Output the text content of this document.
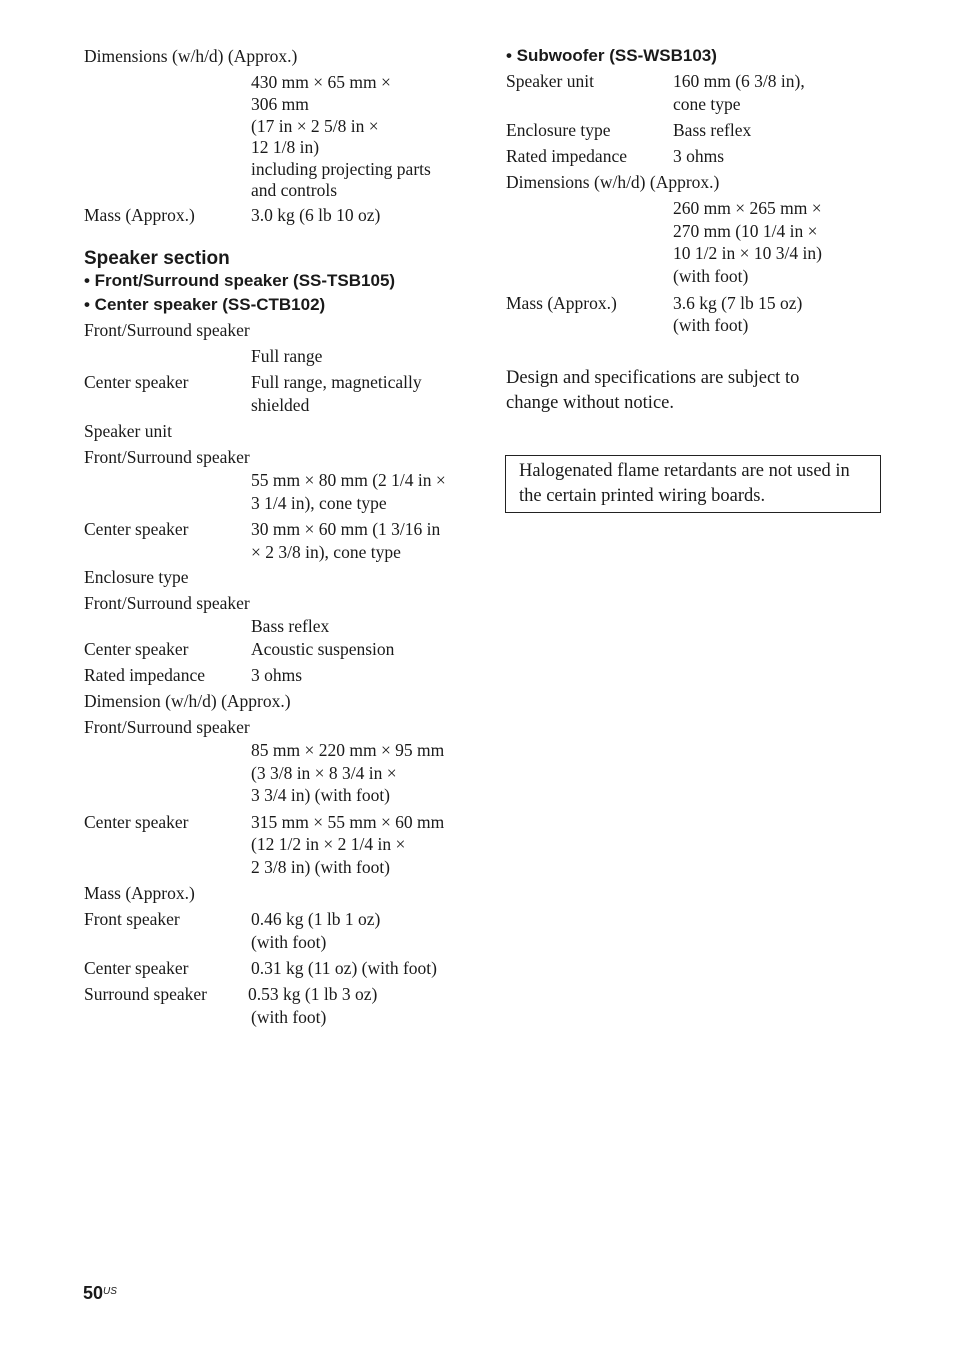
Dimensions (w/h/d) (Approx.)
430 mm × 65 mm ×
306 mm
(17 in × 2 5/8 in ×
12 1/8 in)
including projecting parts
and controls
Mass (Approx.)	3.0 kg (6 lb 10 oz)
Speaker section
• Front/Surround speaker (SS-TSB105)
• Center speaker (SS-CTB102)
Front/Surround speaker
Full range
Center speaker	Full range, magnetically
shielded
Speaker unit
Front/Surround speaker
55 mm × 80 mm (2 1/4 in ×
3 1/4 in), cone type
Center speaker	30 mm × 60 mm (1 3/16 in
× 2 3/8 in), cone type
Enclosure type
Front/Surround speaker
Bass reflex
Center speaker	Acoustic suspension
Rated impedance	3 ohms
Dimension (w/h/d) (Approx.)
Front/Surround speaker
85 mm × 220 mm × 95 mm
(3 3/8 in × 8 3/4 in ×
3 3/4 in) (with foot)
Center speaker	315 mm × 55 mm × 60 mm
(12 1/2 in × 2 1/4 in ×
2 3/8 in) (with foot)
Mass (Approx.)
Front speaker	0.46 kg (1 lb 1 oz)
(with foot)
Center speaker	0.31 kg (11 oz) (with foot)
Surround speaker 0.53 kg (1 lb 3 oz)
(with foot)
• Subwoofer (SS-WSB103)
Speaker unit	160 mm (6 3/8 in),
cone type
Enclosure type	Bass reflex
Rated impedance	3 ohms
Dimensions (w/h/d) (Approx.)
260 mm × 265 mm ×
270 mm (10 1/4 in ×
10 1/2 in × 10 3/4 in)
(with foot)
Mass (Approx.)	3.6 kg (7 lb 15 oz)
(with foot)
Design and specifications are subject to
change without notice.
Halogenated flame retardants are not used in
the certain printed wiring boards.
$50^{US}$
